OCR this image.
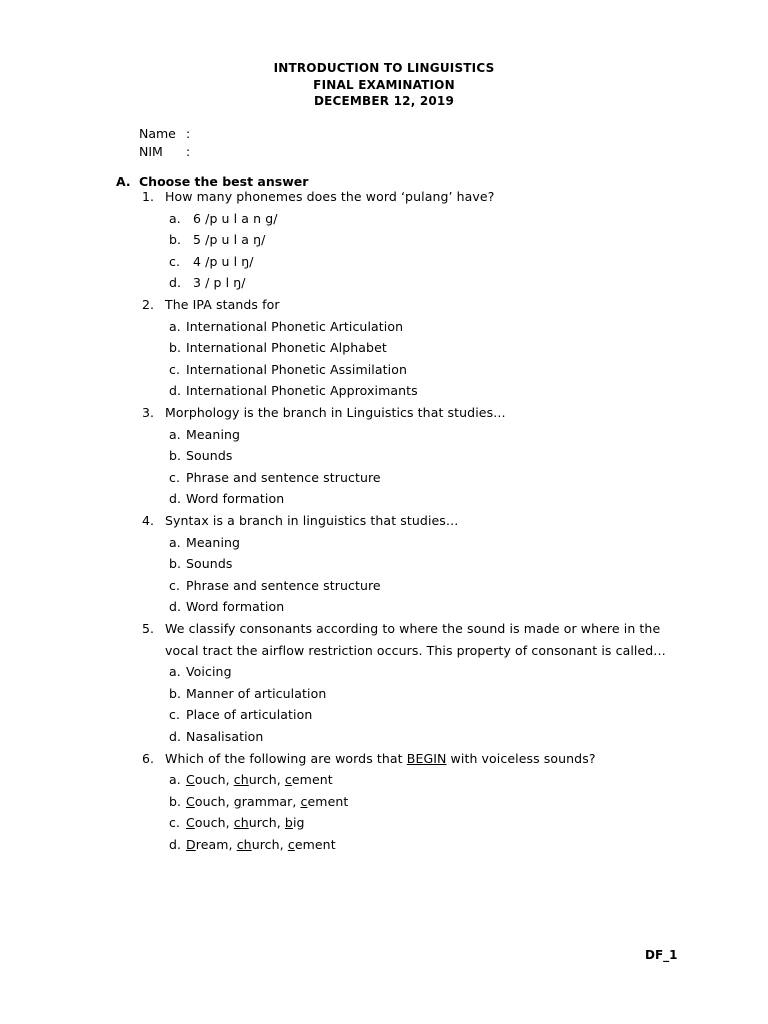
INTRODUCTION TO LINGUISTICS
FINAL EXAMINATION
DECEMBER 12, 2019
Name :
NIM :
A. Choose the best answer
1. How many phonemes does the word ‘pulang’ have?
a. 6 /p u l a n g/
b. 5 /p u l a ŋ/
c. 4 /p u l ŋ/
d. 3 / p l ŋ/
2. The IPA stands for
a. International Phonetic Articulation
b. International Phonetic Alphabet
c. International Phonetic Assimilation
d. International Phonetic Approximants
3. Morphology is the branch in Linguistics that studies…
a. Meaning
b. Sounds
c. Phrase and sentence structure
d. Word formation
4. Syntax is a branch in linguistics that studies…
a. Meaning
b. Sounds
c. Phrase and sentence structure
d. Word formation
5. We classify consonants according to where the sound is made or where in the
vocal tract the airflow restriction occurs. This property of consonant is called…
a. Voicing
b. Manner of articulation
c. Place of articulation
d. Nasalisation
6. Which of the following are words that BEGIN with voiceless sounds?
a. Couch, church, cement
b. Couch, grammar, cement
c. Couch, church, big
d. Dream, church, cement
DF_1
